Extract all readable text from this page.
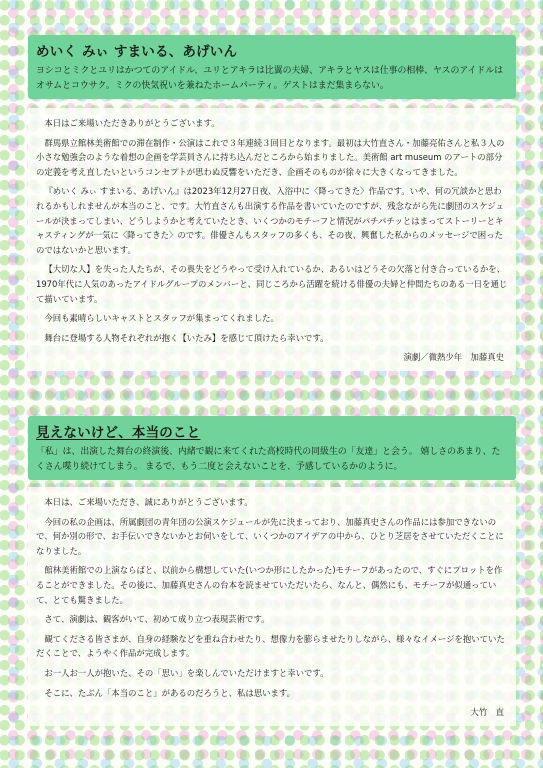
めいく みぃ すまいる、あげいん

ヨシコとミクとユリはかつてのアイドル、ユリとアキラは比翼の夫婦、アキラとヤスは仕事の相棒、ヤスのアイドルはオサムとコウサク。ミクの快気祝いを兼ねたホームパーティ。ゲストはまだ集まらない。

本日はご来場いただきありがとうございます。

群馬県立館林美術館での滞在制作・公演はこれで３年連続３回目となります。最初は大竹直さん・加藤亮佑さんと私３人の小さな勉強会のような着想の企画を学芸員さんに持ち込んだところから始まりました。美術館 art museum のアートの部分の定義を考え直したいというコンセプトが思わぬ反響をいただき、企画そのものが徐々に大きくなってきました。

『めいく みぃ すまいる、あげいん』は2023年12月27日夜、入浴中に〈降ってきた〉作品です。いや、何の冗談かと思われるかもしれませんが本当のこと、です。大竹直さんも出演する作品を書いていたのですが、残念ながら先に劇団のスケジュールが決まってしまい、どうしようかと考えていたとき、いくつかのモチーフと情況がパチパチッとはまってストーリーとキャスティングが一気に〈降ってきた〉のです。俳優さんもスタッフの多くも、その夜、興奮した私からのメッセージで困ったのではないかと思います。

【大切な人】を失った人たちが、その喪失をどうやって受け入れているか、あるいはどうその欠落と付き合っているかを、1970年代に人気のあったアイドルグループのメンバーと、同じころから活躍を続ける俳優の夫婦と仲間たちのある一日を通じて描いています。

今回も素晴らしいキャストとスタッフが集まってくれました。

舞台に登場する人物それぞれが抱く【いたみ】を感じて頂けたら幸いです。

演劇／微熱少年　加藤真史

見えないけど、本当のこと

「私」は、出演した舞台の終演後、内緒で観に来てくれた高校時代の同級生の「友達」と会う。 嬉しさのあまり、たくさん喋り続けてしまう。 まるで、もう二度と会えないことを、予感しているかのように。

本日は、ご来場いただき、誠にありがとうございます。

今回の私の企画は、所属劇団の青年団の公演スケジュールが先に決まっており、加藤真史さんの作品には参加できないので、何か別の形で、お手伝いできないかとお伺いをして、いくつかのアイデアの中から、ひとり芝居をさせていただくことになりました。

館林美術館での上演ならばと、以前から構想していた(いつか形にしたかった)モチーフがあったので、すぐにプロットを作ることができました。その後に、加藤真史さんの台本を読ませていただいたら、なんと、偶然にも、モチーフが似通っていて、とても驚きました。

さて、演劇は、観客がいて、初めて成り立つ表現芸術です。

観てくださる皆さまが、自身の経験などを重ね合わせたり、想像力を膨らませたりしながら、様々なイメージを抱いていただくことで、ようやく作品が完成します。

お一人お一人が抱いた、その「思い」を楽しんでいただけますと幸いです。

そこに、たぶん「本当のこと」があるのだろうと、私は思います。

大竹　直
